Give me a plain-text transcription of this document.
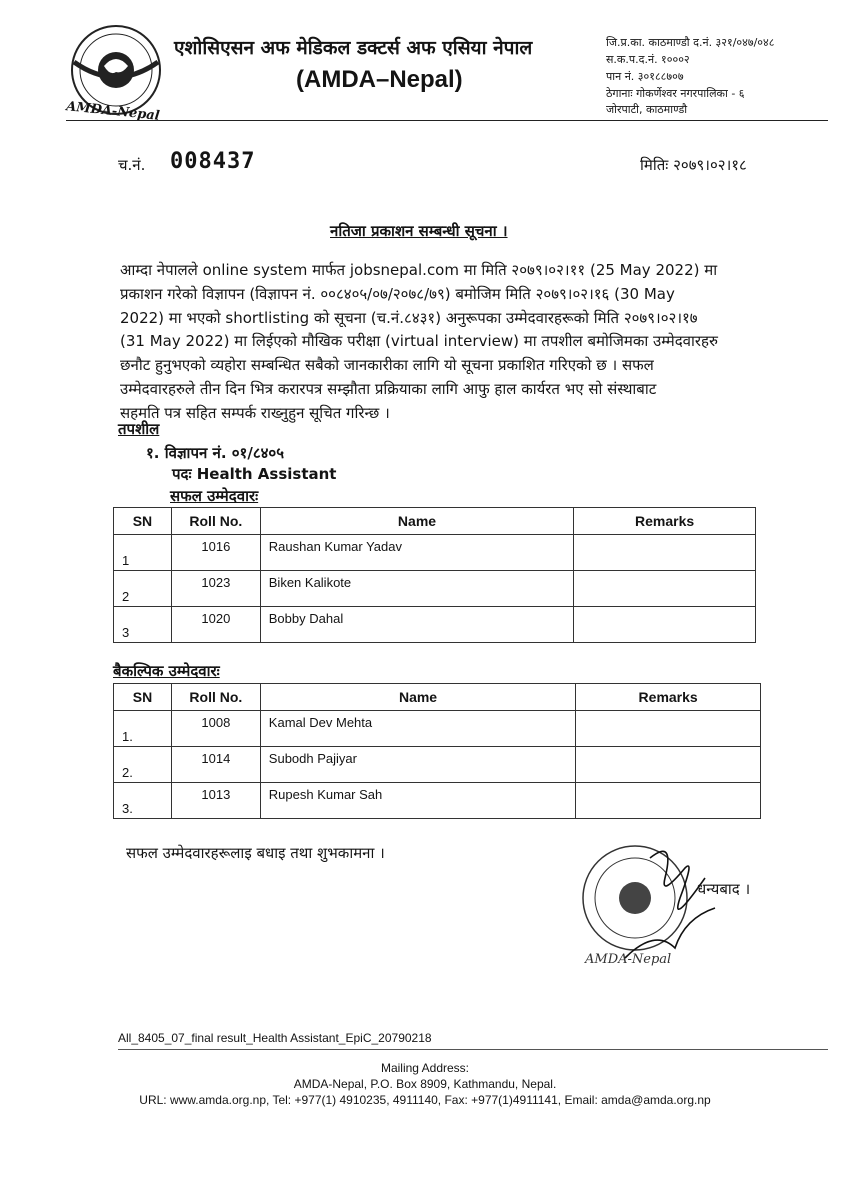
AMDA-Nepal
एशोसिएसन अफ मेडिकल डक्टर्स अफ एसिया नेपाल
(AMDA–Nepal)
जि.प्र.का. काठमाण्डौ द.नं. ३२१/०४७/०४८
स.क.प.द.नं. १०००२
पान नं. ३०१८८७०७
ठेगानाः गोकर्णेश्वर नगरपालिका - ६
जोरपाटी, काठमाण्डौ
च.नं. 008437	मितिः २०७९।०२।१८
नतिजा प्रकाशन सम्बन्धी सूचना ।

आम्दा नेपालले online system मार्फत jobsnepal.com मा मिति २०७९।०२।११ (25 May 2022) मा

प्रकाशन गरेको विज्ञापन (विज्ञापन नं. ००८४०५/०७/२०७८/७९) बमोजिम मिति २०७९।०२।१६ (30 May

2022) मा भएको shortlisting को सूचना (च.नं.८४३१) अनुरूपका उम्मेदवारहरूको मिति २०७९।०२।१७

(31 May 2022) मा लिईएको मौखिक परीक्षा (virtual interview) मा तपशील बमोजिमका उम्मेदवारहरु

छनौट हुनुभएको व्यहोरा सम्बन्धित सबैको जानकारीका लागि यो सूचना प्रकाशित गरिएको छ । सफल

उम्मेदवारहरुले तीन दिन भित्र करारपत्र सम्झौता प्रक्रियाका लागि आफु हाल कार्यरत भए सो संस्थाबाट

सहमति पत्र सहित सम्पर्क राख्नुहुन सूचित गरिन्छ ।

तपशील
१. विज्ञापन नं. ०१/८४०५
पदः Health Assistant
सफल उम्मेदवारः
SN	Roll No.	Name	Remarks
1	1016	Raushan Kumar Yadav	
2	1023	Biken Kalikote	
3	1020	Bobby Dahal	
बैकल्पिक उम्मेदवारः
SN	Roll No.	Name	Remarks
1.	1008	Kamal Dev Mehta	
2.	1014	Subodh Pajiyar	
3.	1013	Rupesh Kumar Sah	
सफल उम्मेदवारहरूलाइ बधाइ तथा शुभकामना ।
AMDA-Nepal
धन्यबाद ।
All_8405_07_final result_Health Assistant_EpiC_20790218
Mailing Address:
AMDA-Nepal, P.O. Box 8909, Kathmandu, Nepal.
URL: www.amda.org.np, Tel: +977(1) 4910235, 4911140, Fax: +977(1)4911141, Email: amda@amda.org.np
